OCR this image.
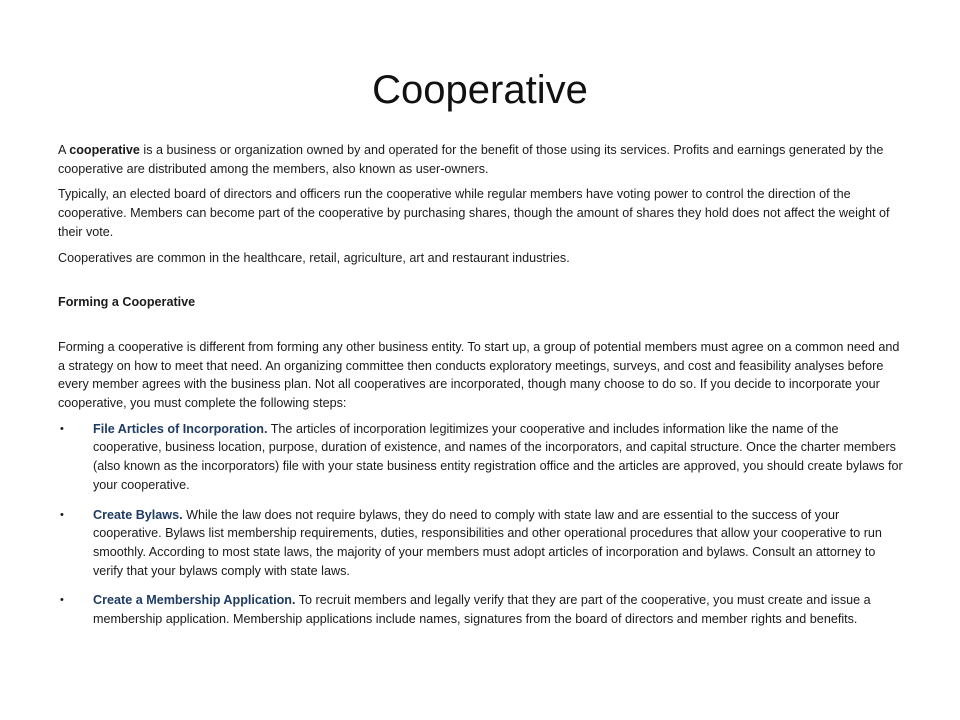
Cooperative

A cooperative is a business or organization owned by and operated for the benefit of those using its services. Profits and earnings generated by the cooperative are distributed among the members, also known as user-owners.

Typically, an elected board of directors and officers run the cooperative while regular members have voting power to control the direction of the cooperative. Members can become part of the cooperative by purchasing shares, though the amount of shares they hold does not affect the weight of their vote.

Cooperatives are common in the healthcare, retail, agriculture, art and restaurant industries.

Forming a Cooperative

Forming a cooperative is different from forming any other business entity. To start up, a group of potential members must agree on a common need and a strategy on how to meet that need. An organizing committee then conducts exploratory meetings, surveys, and cost and feasibility analyses before every member agrees with the business plan. Not all cooperatives are incorporated, though many choose to do so. If you decide to incorporate your cooperative, you must complete the following steps:

• File Articles of Incorporation. The articles of incorporation legitimizes your cooperative and includes information like the name of the cooperative, business location, purpose, duration of existence, and names of the incorporators, and capital structure. Once the charter members (also known as the incorporators) file with your state business entity registration office and the articles are approved, you should create bylaws for your cooperative.
• Create Bylaws. While the law does not require bylaws, they do need to comply with state law and are essential to the success of your cooperative. Bylaws list membership requirements, duties, responsibilities and other operational procedures that allow your cooperative to run smoothly. According to most state laws, the majority of your members must adopt articles of incorporation and bylaws. Consult an attorney to verify that your bylaws comply with state laws.
• Create a Membership Application. To recruit members and legally verify that they are part of the cooperative, you must create and issue a membership application. Membership applications include names, signatures from the board of directors and member rights and benefits.
